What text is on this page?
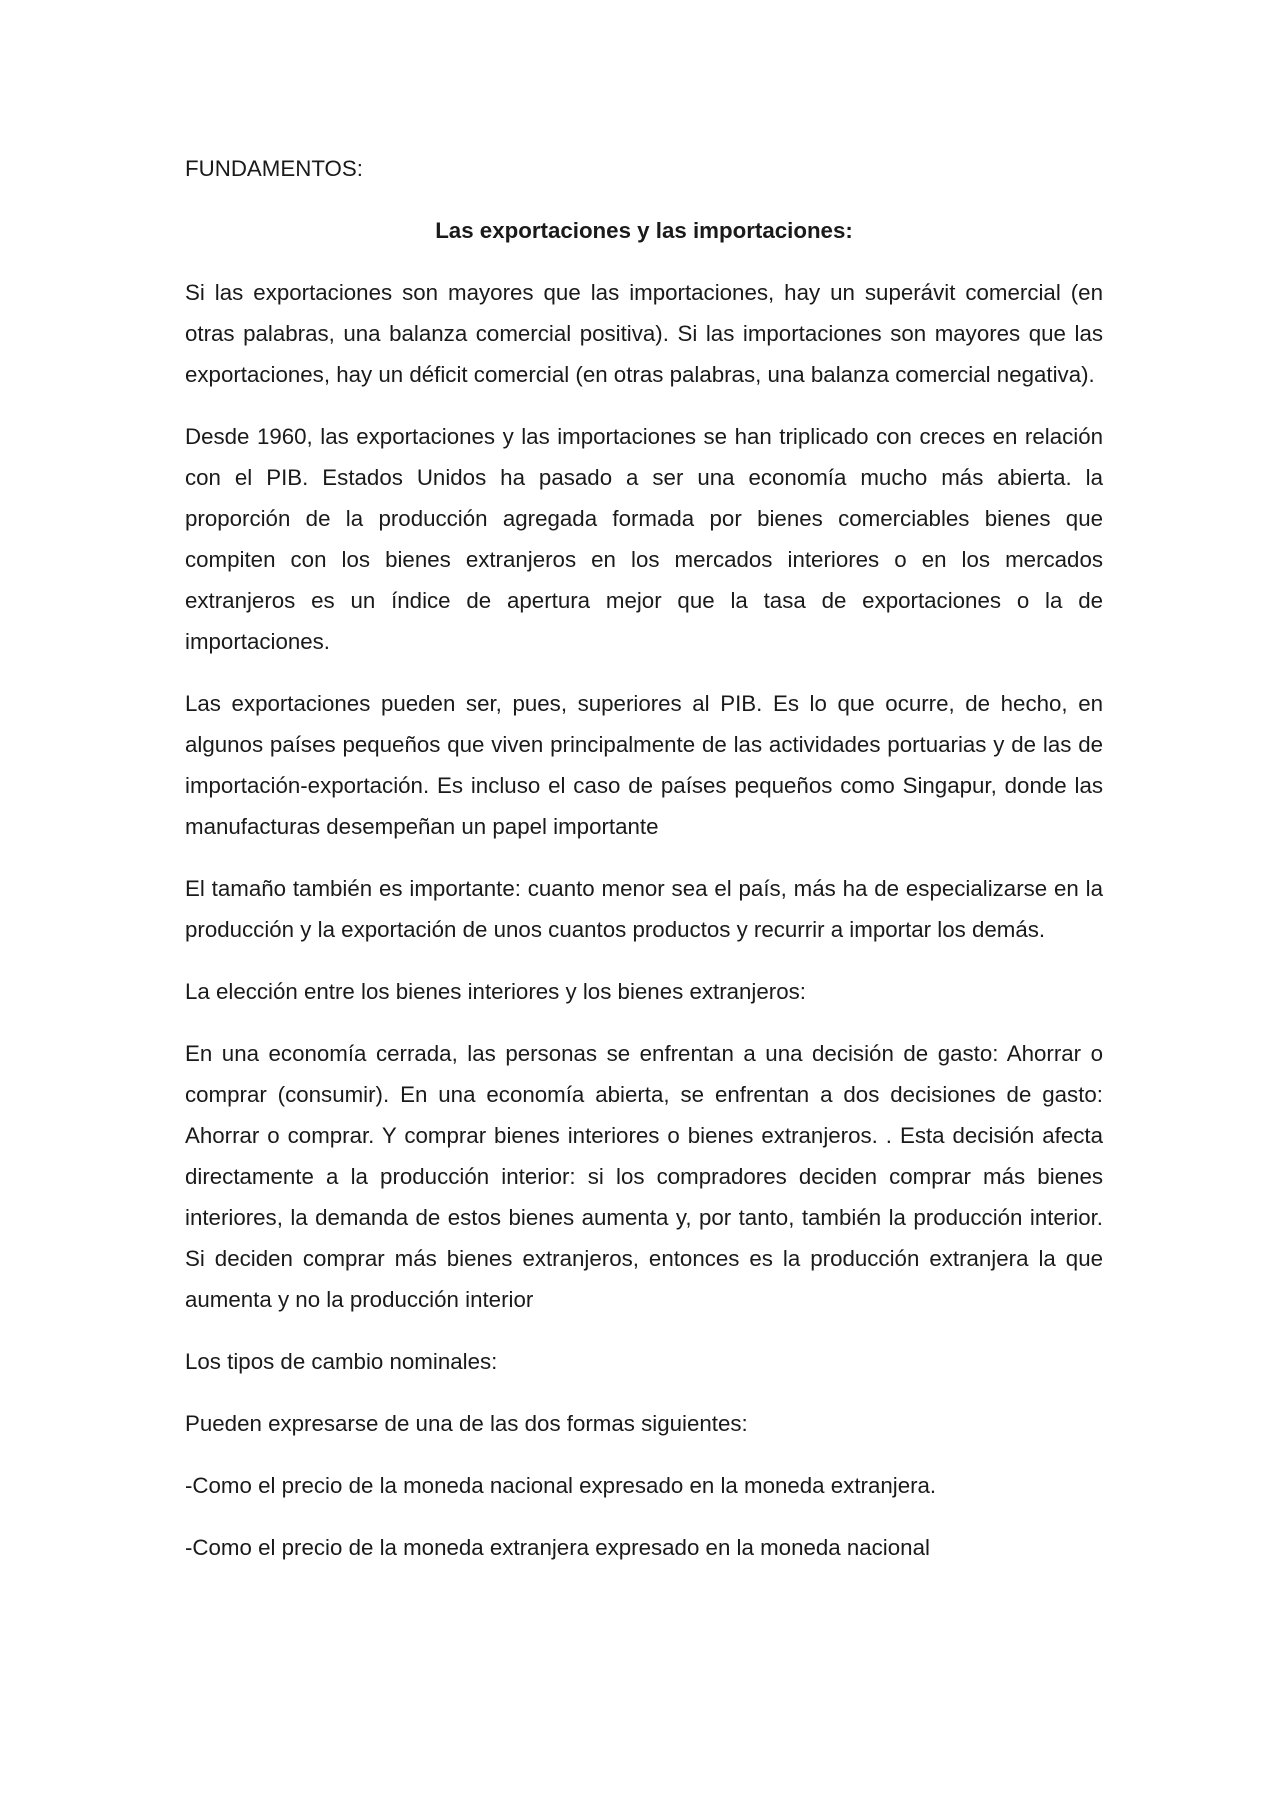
FUNDAMENTOS:
Las exportaciones y las importaciones:

Si las exportaciones son mayores que las importaciones, hay un superávit comercial (en otras palabras, una balanza comercial positiva). Si las importaciones son mayores que las exportaciones, hay un déficit comercial (en otras palabras, una balanza comercial negativa).

Desde 1960, las exportaciones y las importaciones se han triplicado con creces en relación con el PIB. Estados Unidos ha pasado a ser una economía mucho más abierta. la proporción de la producción agregada formada por bienes comerciables bienes que compiten con los bienes extranjeros en los mercados interiores o en los mercados extranjeros es un índice de apertura mejor que la tasa de exportaciones o la de importaciones.

Las exportaciones pueden ser, pues, superiores al PIB. Es lo que ocurre, de hecho, en algunos países pequeños que viven principalmente de las actividades portuarias y de las de importación-exportación. Es incluso el caso de países pequeños como Singapur, donde las manufacturas desempeñan un papel importante

El tamaño también es importante: cuanto menor sea el país, más ha de especializarse en la producción y la exportación de unos cuantos productos y recurrir a importar los demás.

La elección entre los bienes interiores y los bienes extranjeros:

En una economía cerrada, las personas se enfrentan a una decisión de gasto: Ahorrar o comprar (consumir). En una economía abierta, se enfrentan a dos decisiones de gasto: Ahorrar o comprar. Y comprar bienes interiores o bienes extranjeros. . Esta decisión afecta directamente a la producción interior: si los compradores deciden comprar más bienes interiores, la demanda de estos bienes aumenta y, por tanto, también la producción interior. Si deciden comprar más bienes extranjeros, entonces es la producción extranjera la que aumenta y no la producción interior

Los tipos de cambio nominales:

Pueden expresarse de una de las dos formas siguientes:

-Como el precio de la moneda nacional expresado en la moneda extranjera.

-Como el precio de la moneda extranjera expresado en la moneda nacional
